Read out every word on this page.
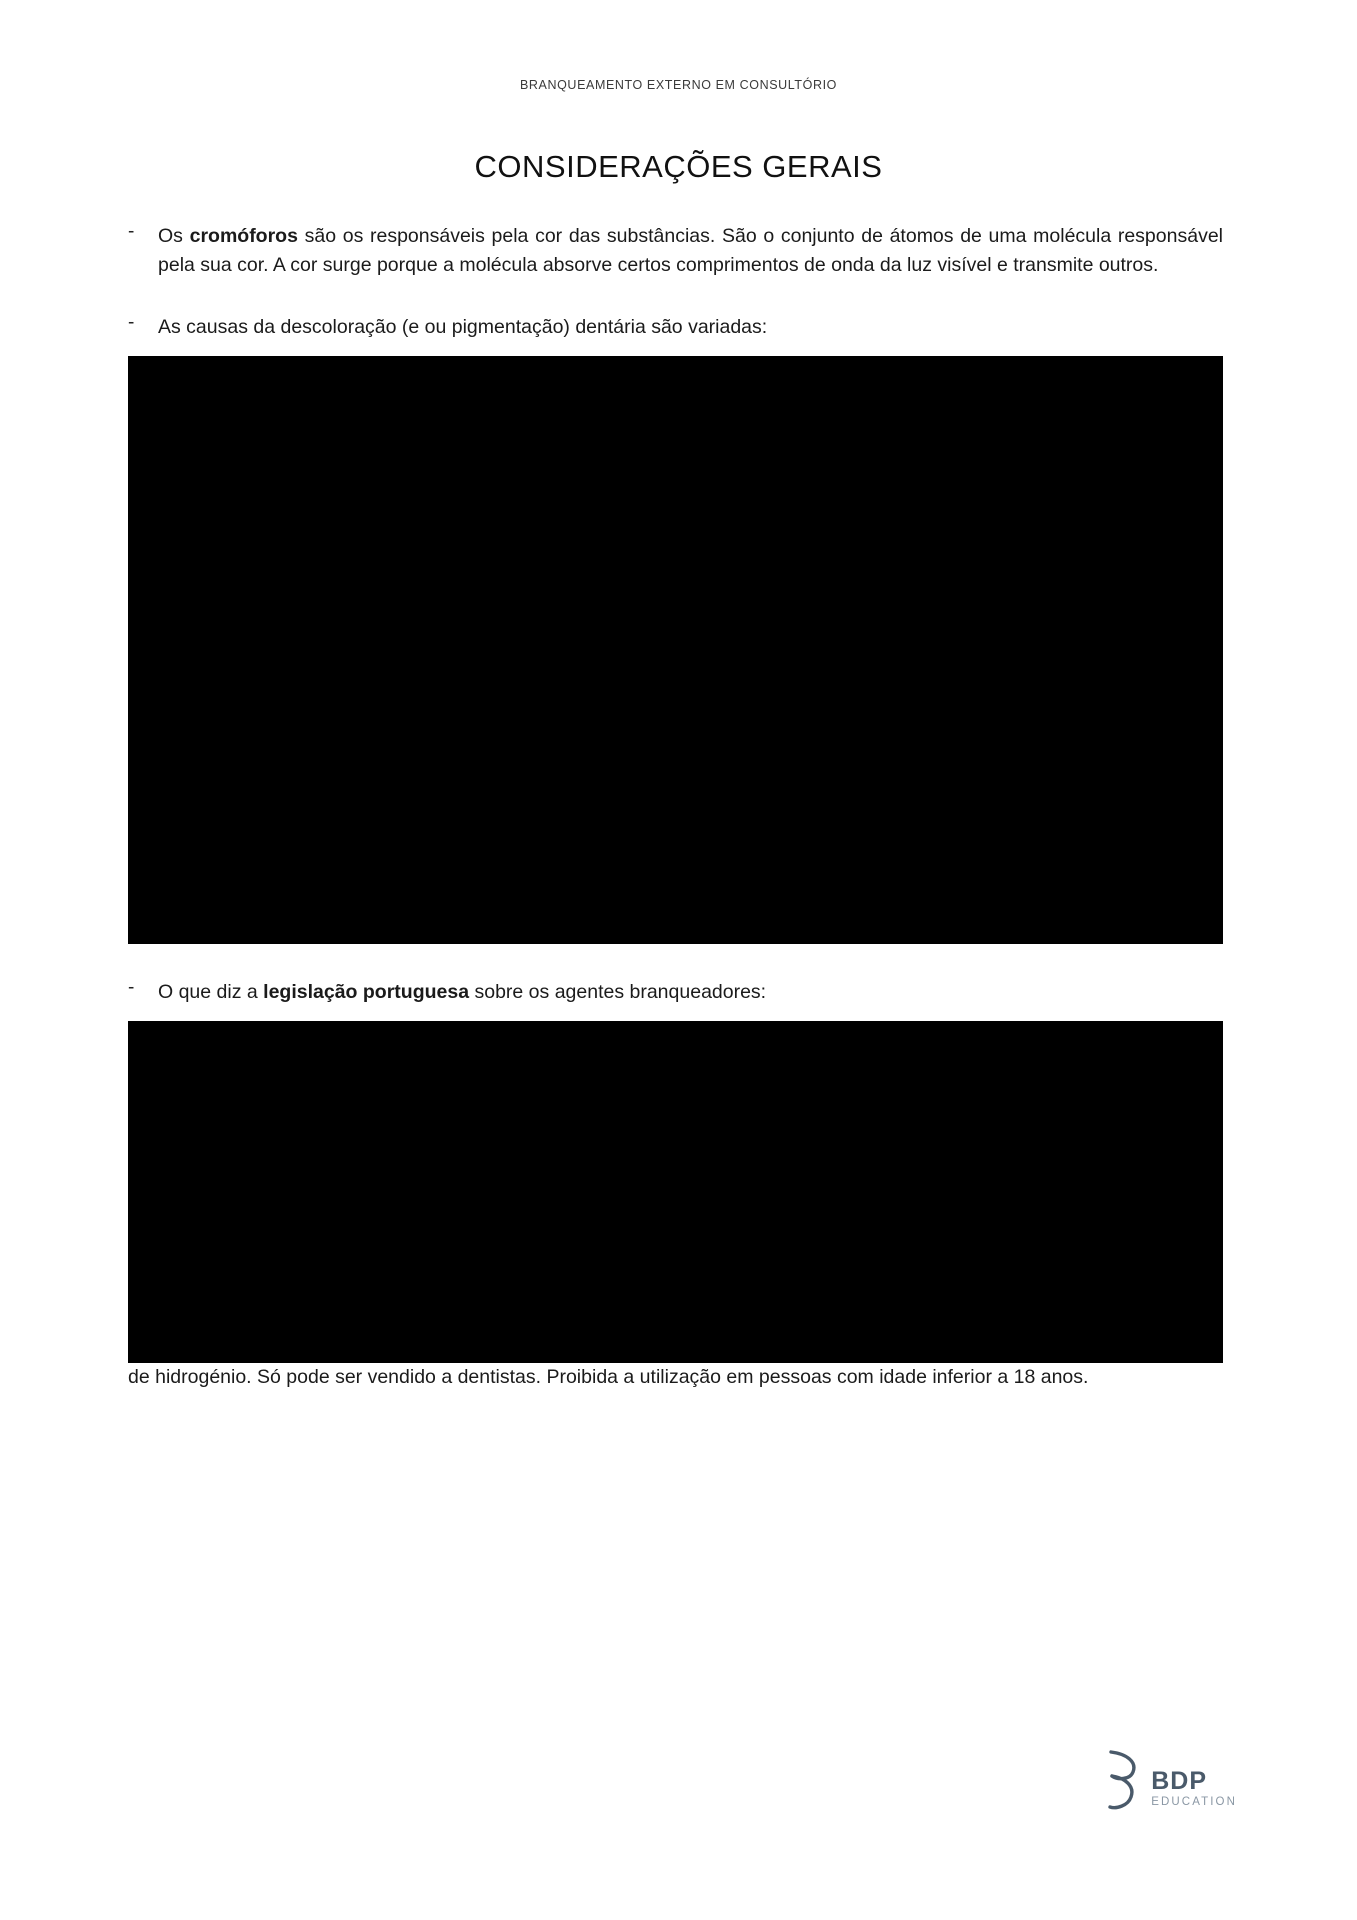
BRANQUEAMENTO EXTERNO EM CONSULTÓRIO
CONSIDERAÇÕES GERAIS
- Os cromóforos são os responsáveis pela cor das substâncias. São o conjunto de átomos de uma molécula responsável pela sua cor. A cor surge porque a molécula absorve certos comprimentos de onda da luz visível e transmite outros.

- As causas da descoloração (e ou pigmentação) dentária são variadas:

- O que diz a legislação portuguesa sobre os agentes branqueadores:

de hidrogénio. Só pode ser vendido a dentistas. Proibida a utilização em pessoas com idade inferior a 18 anos.

BDP
EDUCATION
